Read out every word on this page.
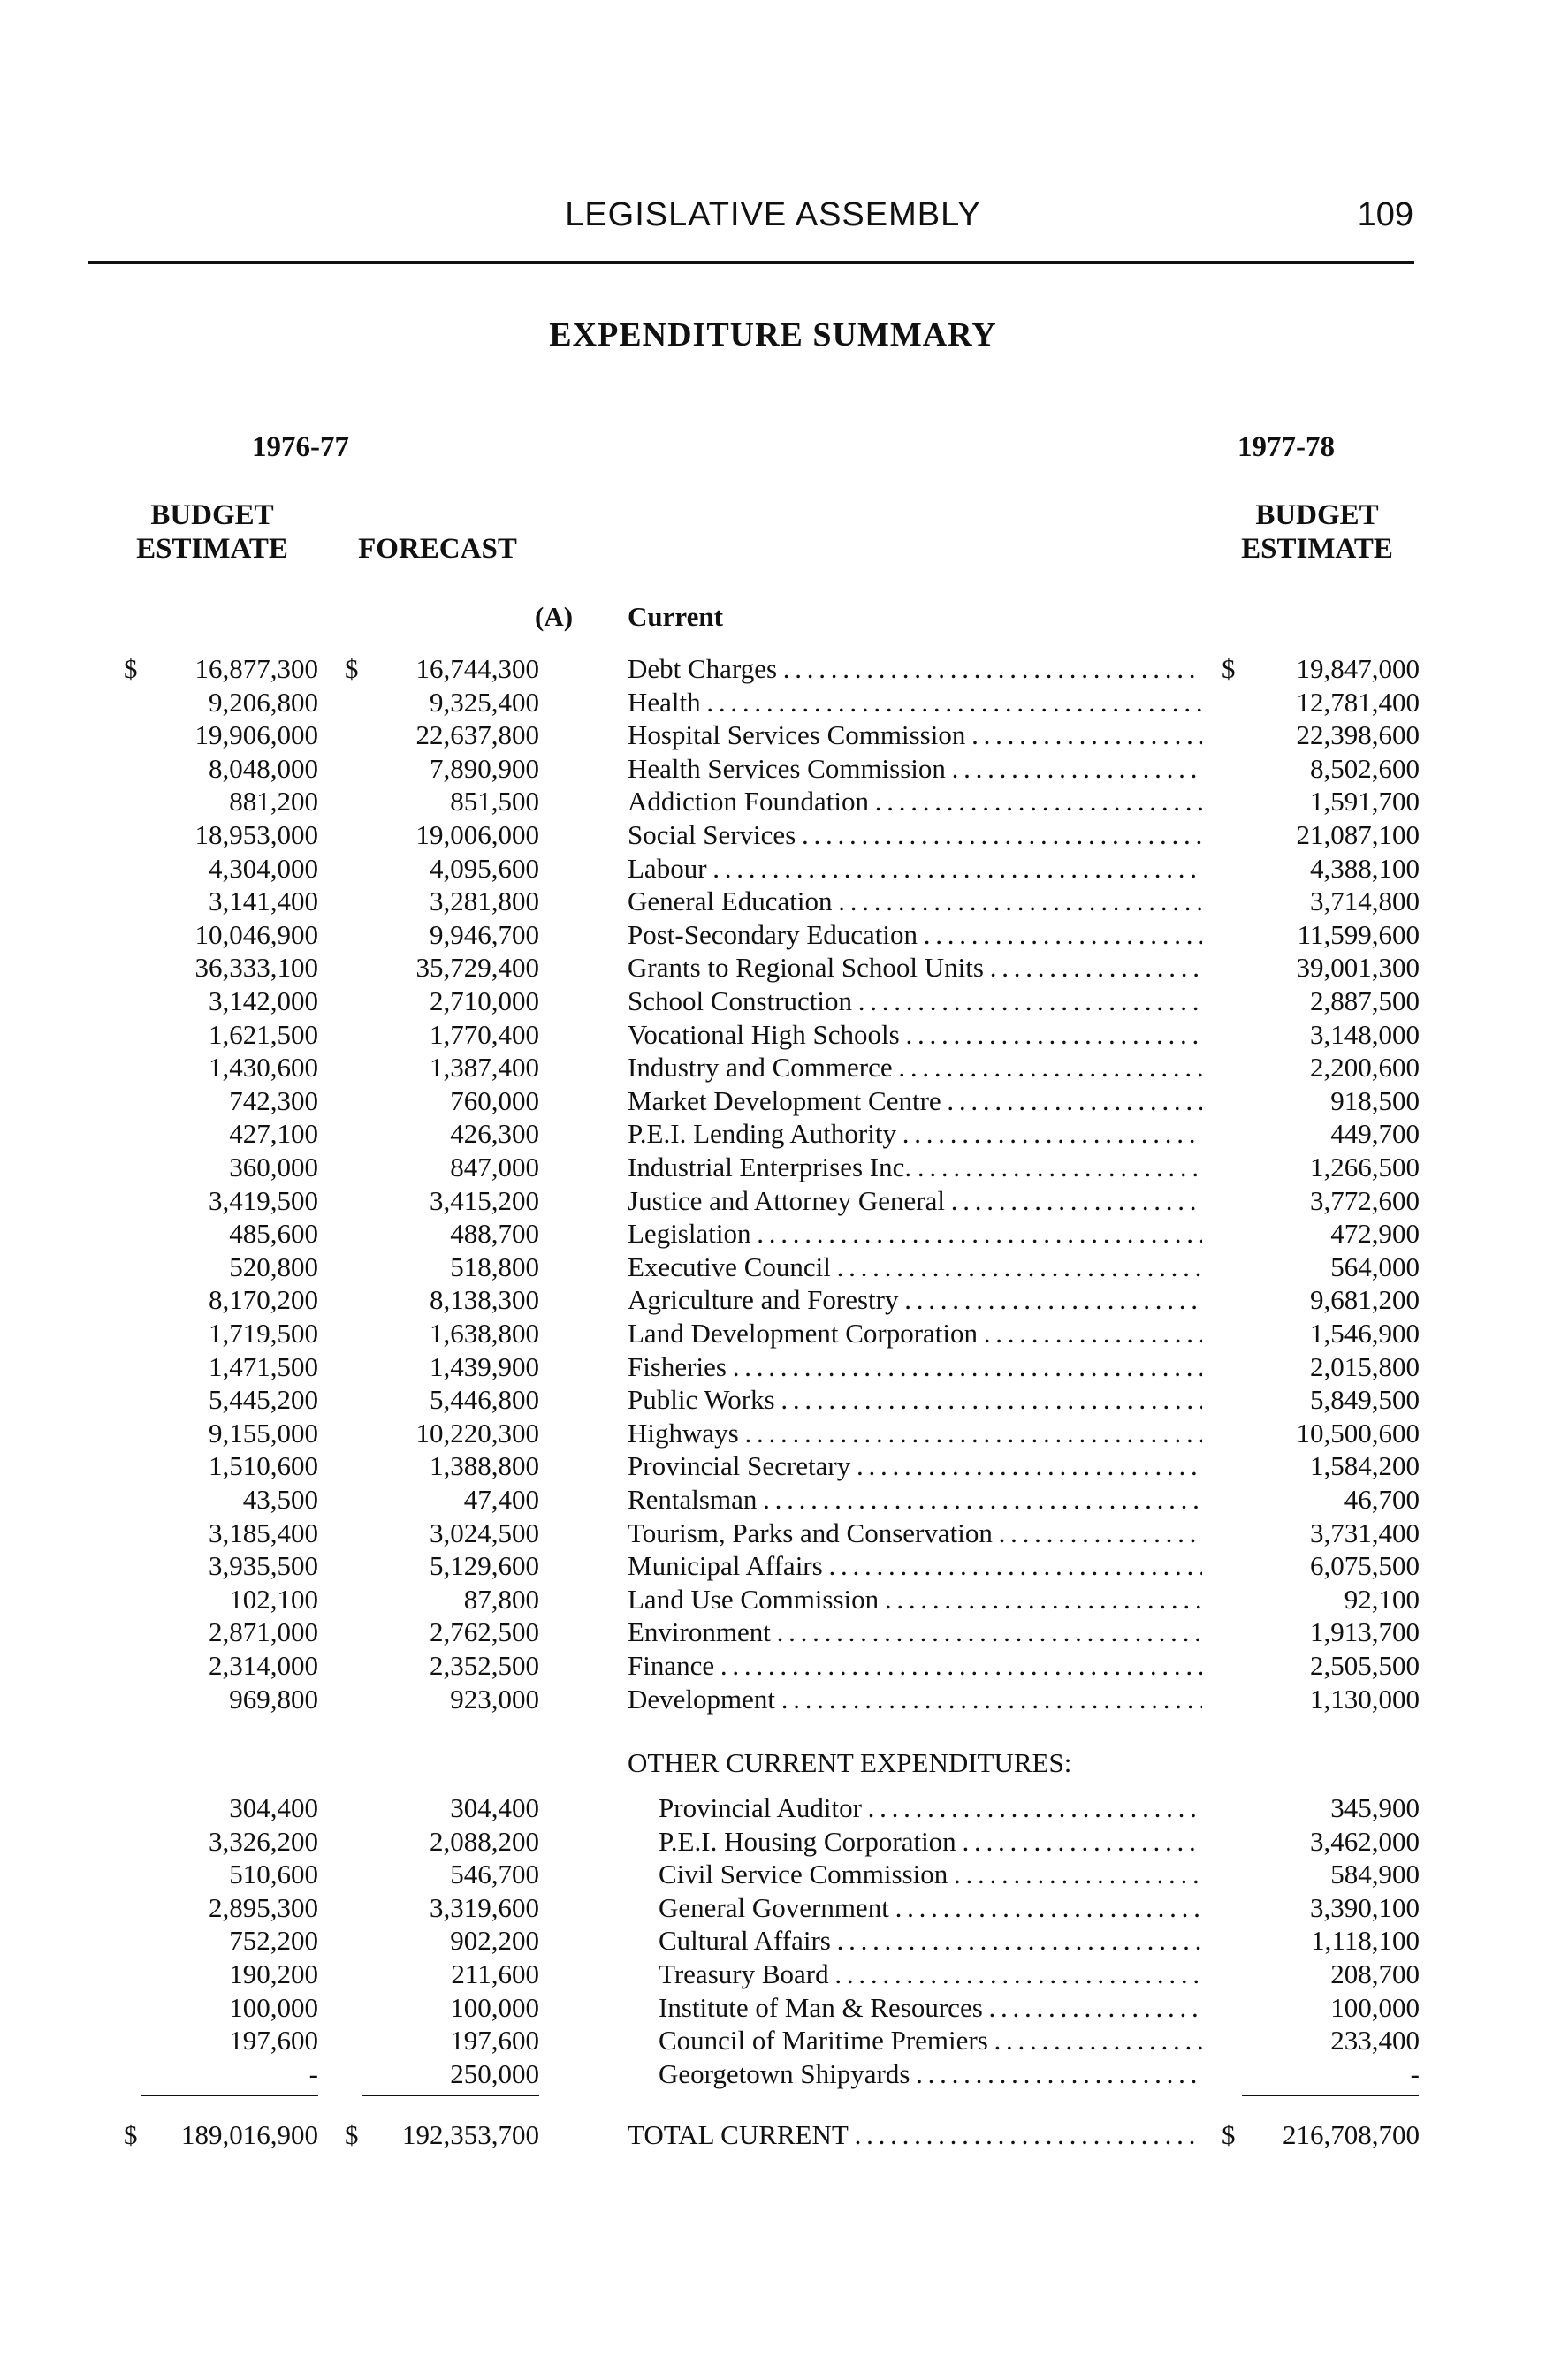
LEGISLATIVE ASSEMBLY	109
EXPENDITURE SUMMARY
1976-77	1977-78
BUDGET
ESTIMATE	FORECAST
BUDGET
ESTIMATE
(A) Current
$ 16,877,300 $ 16,744,300	Debt Charges . . .	$ 19,847,000
9,206,800	9,325,400	Health . . .	12,781,400
19,906,000	22,637,800	Hospital Services Commission . . .	22,398,600
8,048,000	7,890,900	Health Services Commission . . .	8,502,600
881,200	851,500	Addiction Foundation . . .	1,591,700
18,953,000	19,006,000	Social Services . . .	21,087,100
4,304,000	4,095,600	Labour . . .	4,388,100
3,141,400	3,281,800	General Education . . .	3,714,800
10,046,900	9,946,700	Post-Secondary Education . . .	11,599,600
36,333,100	35,729,400	Grants to Regional School Units . . .	39,001,300
3,142,000	2,710,000	School Construction . . .	2,887,500
1,621,500	1,770,400	Vocational High Schools . . .	3,148,000
1,430,600	1,387,400	Industry and Commerce . . .	2,200,600
742,300	760,000	Market Development Centre . . .	918,500
427,100	426,300	P.E.I. Lending Authority . . .	449,700
360,000	847,000	Industrial Enterprises Inc. . . .	1,266,500
3,419,500	3,415,200	Justice and Attorney General . . .	3,772,600
485,600	488,700	Legislation . . .	472,900
520,800	518,800	Executive Council . . .	564,000
8,170,200	8,138,300	Agriculture and Forestry . . .	9,681,200
1,719,500	1,638,800	Land Development Corporation . . .	1,546,900
1,471,500	1,439,900	Fisheries . . .	2,015,800
5,445,200	5,446,800	Public Works . . .	5,849,500
9,155,000	10,220,300	Highways . . .	10,500,600
1,510,600	1,388,800	Provincial Secretary . . .	1,584,200
43,500	47,400	Rentalsman . . .	46,700
3,185,400	3,024,500	Tourism, Parks and Conservation . . .	3,731,400
3,935,500	5,129,600	Municipal Affairs . . .	6,075,500
102,100	87,800	Land Use Commission . . .	92,100
2,871,000	2,762,500	Environment . . .	1,913,700
2,314,000	2,352,500	Finance . . .	2,505,500
969,800	923,000	Development . . .	1,130,000
304,400	304,400	Provincial Auditor . . .	345,900
3,326,200	2,088,200	P.E.I. Housing Corporation . . .	3,462,000
510,600	546,700	Civil Service Commission . . .	584,900
2,895,300	3,319,600	General Government . . .	3,390,100
752,200	902,200	Cultural Affairs . . .	1,118,100
190,200	211,600	Treasury Board . . .	208,700
100,000	100,000	Institute of Man & Resources . . .	100,000
197,600	197,600	Council of Maritime Premiers . . .	233,400
-	250,000	Georgetown Shipyards . . .	-
OTHER CURRENT EXPENDITURES:
$ 189,016,900 $ 192,353,700	TOTAL CURRENT . . .	$ 216,708,700
